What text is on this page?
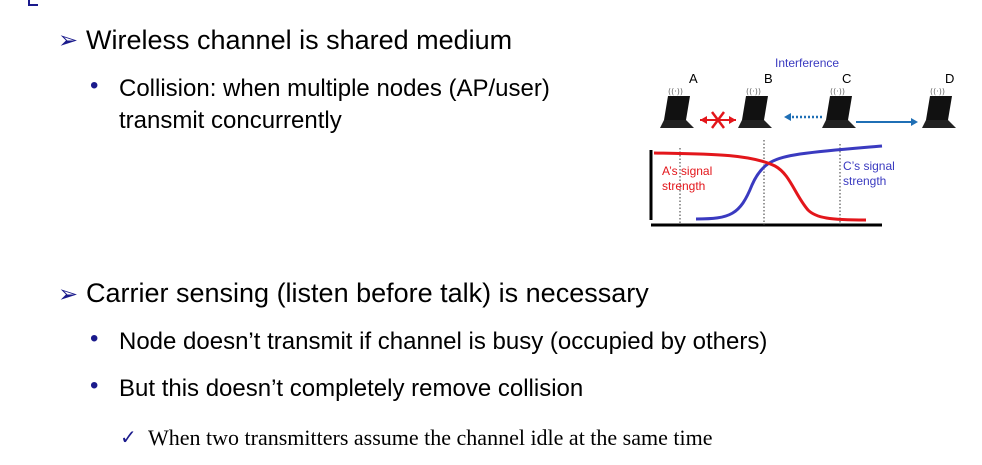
➢ Wireless channel is shared medium
• Collision: when multiple nodes (AP/user)
transmit concurrently
Interference
A	B	C	D
((·))	((·))	((·))	((·))
A’s signal
strength
C’s signal
strength
➢ Carrier sensing (listen before talk) is necessary
• Node doesn’t transmit if channel is busy (occupied by others)
• But this doesn’t completely remove collision
✓ When two transmitters assume the channel idle at the same time
